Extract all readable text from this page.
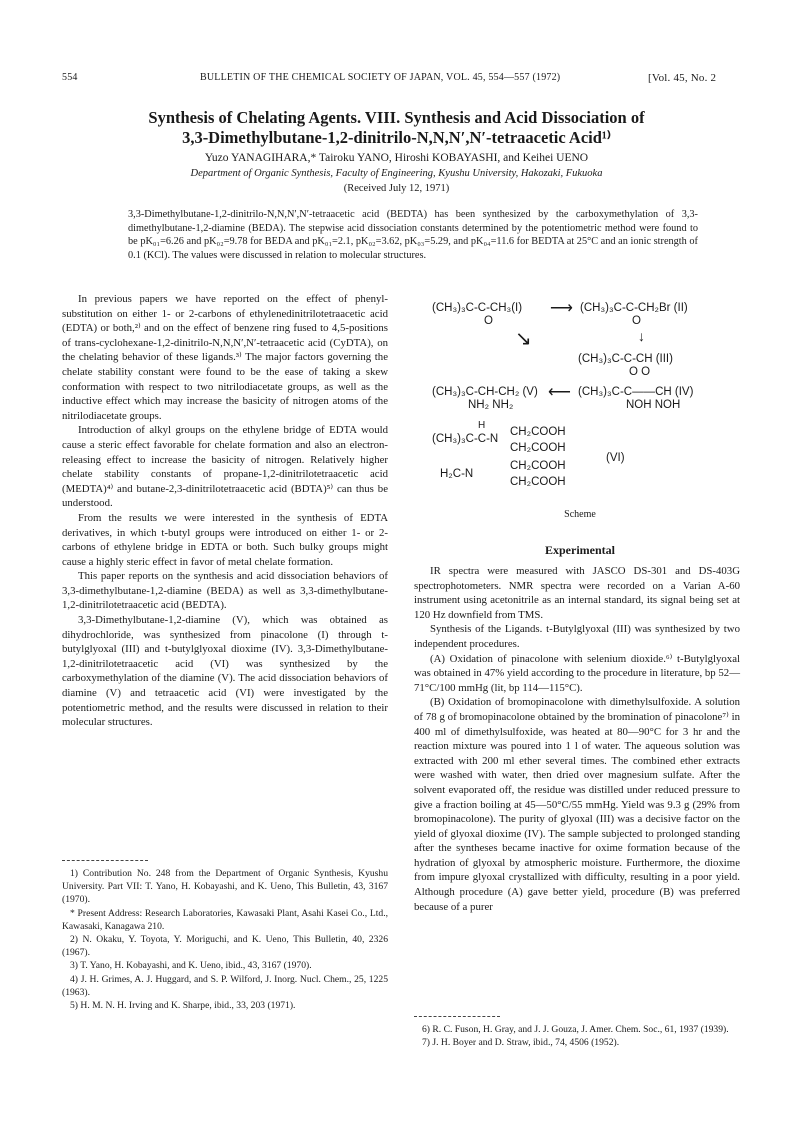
554	BULLETIN OF THE CHEMICAL SOCIETY OF JAPAN, VOL. 45, 554—557 (1972)	[Vol. 45, No. 2
Synthesis of Chelating Agents. VIII. Synthesis and Acid Dissociation of
3,3-Dimethylbutane-1,2-dinitrilo-N,N,N′,N′-tetraacetic Acid¹⁾
Yuzo YANAGIHARA,* Tairoku YANO, Hiroshi KOBAYASHI, and Keihei UENO
Department of Organic Synthesis, Faculty of Engineering, Kyushu University, Hakozaki, Fukuoka
(Received July 12, 1971)
3,3-Dimethylbutane-1,2-dinitrilo-N,N,N′,N′-tetraacetic acid (BEDTA) has been synthesized by the carboxymethylation of 3,3-dimethylbutane-1,2-diamine (BEDA). The stepwise acid dissociation constants determined by the potentiometric method were found to be pK₀₁=6.26 and pK₀₂=9.78 for BEDA and pK₀₁=2.1, pK₀₂=3.62, pK₀₃=5.29, and pK₀₄=11.6 for BEDTA at 25°C and an ionic strength of 0.1 (KCl). The values were discussed in relation to molecular structures.

In previous papers we have reported on the effect of phenyl-substitution on either 1- or 2-carbons of ethylenedinitrilotetraacetic acid (EDTA) or both,²⁾ and on the effect of benzene ring fused to 4,5-positions of trans-cyclohexane-1,2-dinitrilo-N,N,N′,N′-tetraacetic acid (CyDTA), on the chelating behavior of these ligands.³⁾ The major factors governing the chelate stability constant were found to be the ease of taking a skew conformation with respect to two nitrilodiacetate groups, as well as the inductive effect which may increase the basicity of nitrogen atoms of the nitrilodiacetate groups.

Introduction of alkyl groups on the ethylene bridge of EDTA would cause a steric effect favorable for chelate formation and also an electron-releasing effect to increase the basicity of nitrogen. Relatively higher chelate stability constants of propane-1,2-dinitrilotetraacetic acid (MEDTA)⁴⁾ and butane-2,3-dinitrilotetraacetic acid (BDTA)⁵⁾ can thus be understood.

From the results we were interested in the synthesis of EDTA derivatives, in which t-butyl groups were introduced on either 1- or 2-carbons of ethylene bridge in EDTA or both. Such bulky groups might cause a highly steric effect in favor of metal chelate formation.

This paper reports on the synthesis and acid dissociation behaviors of 3,3-dimethylbutane-1,2-diamine (BEDA) as well as 3,3-dimethylbutane-1,2-dinitrilotetraacetic acid (BEDTA).

3,3-Dimethylbutane-1,2-diamine (V), which was obtained as dihydrochloride, was synthesized from pinacolone (I) through t-butylglyoxal (III) and t-butylglyoxal dioxime (IV). 3,3-Dimethylbutane-1,2-dinitrilotetraacetic acid (VI) was synthesized by the carboxymethylation of the diamine (V). The acid dissociation behaviors of diamine (V) and tetraacetic acid (VI) were investigated by the potentiometric method, and the results were discussed in relation to their molecular structures.

1) Contribution No. 248 from the Department of Organic Synthesis, Kyushu University. Part VII: T. Yano, H. Kobayashi, and K. Ueno, This Bulletin, 43, 3167 (1970).

* Present Address: Research Laboratories, Kawasaki Plant, Asahi Kasei Co., Ltd., Kawasaki, Kanagawa 210.

2) N. Okaku, Y. Toyota, Y. Moriguchi, and K. Ueno, This Bulletin, 40, 2326 (1967).

3) T. Yano, H. Kobayashi, and K. Ueno, ibid., 43, 3167 (1970).

4) J. H. Grimes, A. J. Huggard, and S. P. Wilford, J. Inorg. Nucl. Chem., 25, 1225 (1963).

5) H. M. N. H. Irving and K. Sharpe, ibid., 33, 203 (1971).

(CH₃)₃C-C-CH₃(I)
O
⟶ (CH₃)₃C-C-CH₂Br (II)
O
↘	↓
(CH₃)₃C-C-CH (III)
O O
(CH₃)₃C-CH-CH₂ (V)
NH₂ NH₂
⟵ (CH₃)₃C-C——CH (IV)
NOH NOH
H
(CH₃)₃C-C-N
CH₂COOH
CH₂COOH
(VI)
H₂C-N
CH₂COOH
CH₂COOH
Scheme
Experimental

IR spectra were measured with JASCO DS-301 and DS-403G spectrophotometers. NMR spectra were recorded on a Varian A-60 instrument using acetonitrile as an internal standard, its signal being set at 120 Hz downfield from TMS.

Synthesis of the Ligands. t-Butylglyoxal (III) was synthesized by two independent procedures.

(A) Oxidation of pinacolone with selenium dioxide.⁶⁾ t-Butylglyoxal was obtained in 47% yield according to the procedure in literature, bp 52—71°C/100 mmHg (lit, bp 114—115°C).

(B) Oxidation of bromopinacolone with dimethylsulfoxide. A solution of 78 g of bromopinacolone obtained by the bromination of pinacolone⁷⁾ in 400 ml of dimethylsulfoxide, was heated at 80—90°C for 3 hr and the reaction mixture was poured into 1 l of water. The aqueous solution was extracted with 200 ml ether several times. The combined ether extracts were washed with water, then dried over magnesium sulfate. After the solvent evaporated off, the residue was distilled under reduced pressure to give a fraction boiling at 45—50°C/55 mmHg. Yield was 9.3 g (29% from bromopinacolone). The purity of glyoxal (III) was a decisive factor on the yield of glyoxal dioxime (IV). The sample subjected to prolonged standing after the syntheses became inactive for oxime formation because of the hydration of glyoxal by atmospheric moisture. Furthermore, the dioxime from impure glyoxal crystallized with difficulty, resulting in a poor yield. Although procedure (A) gave better yield, procedure (B) was preferred because of a purer

6) R. C. Fuson, H. Gray, and J. J. Gouza, J. Amer. Chem. Soc., 61, 1937 (1939).

7) J. H. Boyer and D. Straw, ibid., 74, 4506 (1952).
